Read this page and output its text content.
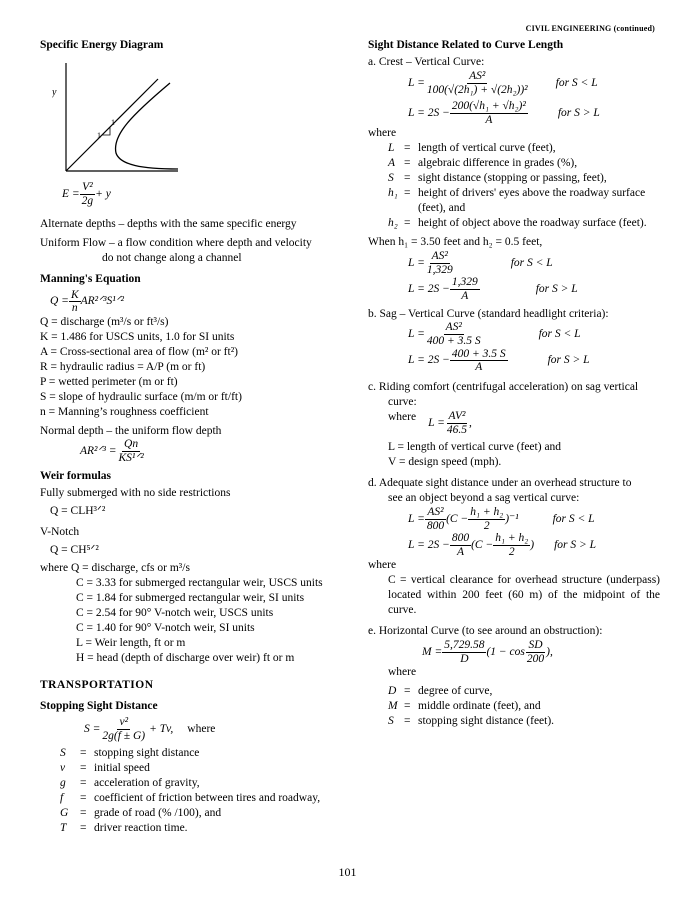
CIVIL ENGINEERING (continued)
Specific Energy Diagram
y
1
1
$E = \frac{\text{V²}}{2g} + y$

Alternate depths – depths with the same specific energy

Uniform Flow – a flow condition where depth and velocity

do not change along a channel

Manning's Equation
$Q = \frac{K}{n}$ AR²ᐟ³S¹ᐟ²
Q = discharge (m³/s or ft³/s)
K = 1.486 for USCS units, 1.0 for SI units
A = Cross-sectional area of flow (m² or ft²)
R = hydraulic radius = A/P (m or ft)
P = wetted perimeter (m or ft)
S = slope of hydraulic surface (m/m or ft/ft)
n = Manning’s roughness coefficient

Normal depth – the uniform flow depth

AR²ᐟ³ = $\frac{Qn}{\text{KS¹ᐟ²}}$
Weir formulas

Fully submerged with no side restrictions

Q = CLH³ᐟ²

V-Notch

Q = CH⁵ᐟ²

where Q = discharge, cfs or m³/s

C = 3.33 for submerged rectangular weir, USCS units
C = 1.84 for submerged rectangular weir, SI units
C = 2.54 for 90° V-notch weir, USCS units
C = 1.40 for 90° V-notch weir, SI units
L = Weir length, ft or m
H = head (depth of discharge over weir) ft or m
TRANSPORTATION
Stopping Sight Distance
$S = \frac{\text{v²}}{2g(f \pm G)} + Tv$, where
S	= stopping sight distance
v	= initial speed
g	= acceleration of gravity,
f	= coefficient of friction between tires and roadway,
G	= grade of road (% /100), and
T	= driver reaction time.
Sight Distance Related to Curve Length

a. Crest – Vertical Curve:

$L = \frac{\text{AS²}}{\text{100(√(2h₁) + √(2h₂))²}}$ for S < L
$L = 2S - \frac{\text{200(√h₁ + √h₂)²}}{A}$	for S > L

where

L = length of vertical curve (feet),
A = algebraic difference in grades (%),
S = sight distance (stopping or passing, feet),
h₁ = height of drivers' eyes above the roadway surface (feet), and
h₂ = height of object above the roadway surface (feet).

When h₁ = 3.50 feet and h₂ = 0.5 feet,

$L = \frac{\text{AS²}}{1,329}$	for S < L
$L = 2S - \frac{1,329}{A}$	for S > L

b. Sag – Vertical Curve (standard headlight criteria):

$L = \frac{\text{AS²}}{400 + 3.5 S}$	for S < L
$L = 2S - \frac{400 + 3.5 S}{A}$	for S > L

c. Riding comfort (centrifugal acceleration) on sag vertical

curve:

where $L = \frac{\text{AV²}}{46.5}$ ,

L = length of vertical curve (feet) and

V = design speed (mph).

d. Adequate sight distance under an overhead structure to

see an object beyond a sag vertical curve:

$L = \frac{\text{AS²}}{800} (C - \frac{\text{h₁ + h₂}}{2} )^{-1}$	for S < L
$L = 2S - \frac{800}{A} (C - \frac{\text{h₁ + h₂}}{2}$ ) for S > L

where

C = vertical clearance for overhead structure (underpass) located within 200 feet (60 m) of the midpoint of the curve.

e. Horizontal Curve (to see around an obstruction):

$M = \frac{5,729.58}{D} (1 - \cos \frac{SD}{200}$ ),

where

D = degree of curve,
M = middle ordinate (feet), and
S = stopping sight distance (feet).
101
